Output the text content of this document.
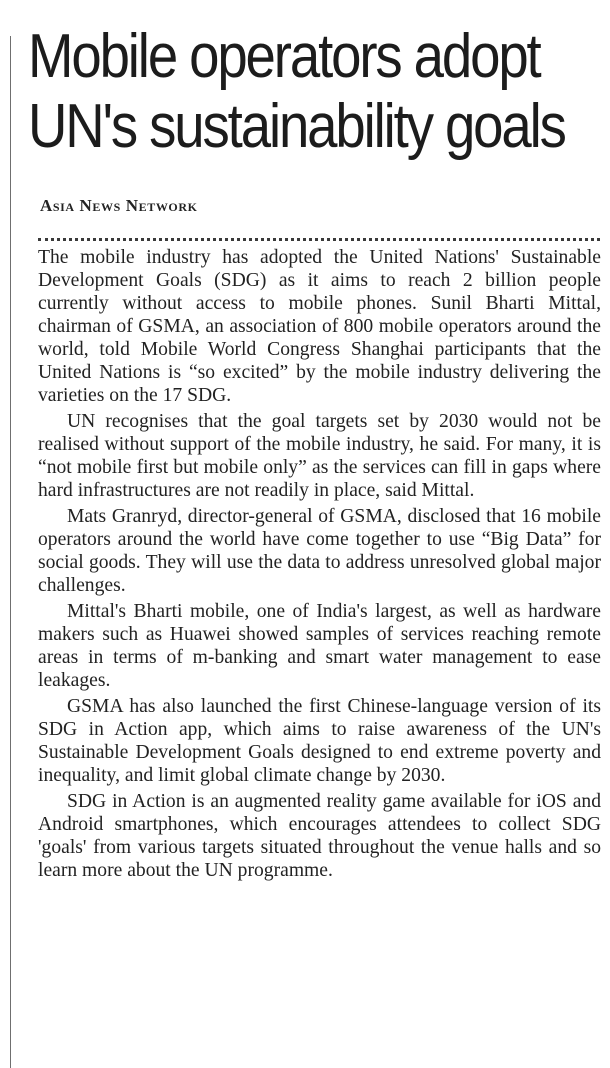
Mobile operators adopt
UN's sustainability goals
Asia News Network

The mobile industry has adopted the United Nations' Sustainable Development Goals (SDG) as it aims to reach 2 billion people currently without access to mobile phones. Sunil Bharti Mittal, chairman of GSMA, an association of 800 mobile operators around the world, told Mobile World Congress Shanghai participants that the United Nations is “so excited” by the mobile industry delivering the varieties on the 17 SDG.

UN recognises that the goal targets set by 2030 would not be realised without support of the mobile industry, he said. For many, it is “not mobile first but mobile only” as the services can fill in gaps where hard infrastructures are not readily in place, said Mittal.

Mats Granryd, director-general of GSMA, disclosed that 16 mobile operators around the world have come together to use “Big Data” for social goods. They will use the data to address unresolved global major challenges.

Mittal's Bharti mobile, one of India's largest, as well as hardware makers such as Huawei showed samples of services reaching remote areas in terms of m-banking and smart water management to ease leakages.

GSMA has also launched the first Chinese-language version of its SDG in Action app, which aims to raise awareness of the UN's Sustainable Development Goals designed to end extreme poverty and inequality, and limit global climate change by 2030.

SDG in Action is an augmented reality game available for iOS and Android smartphones, which encourages attendees to collect SDG 'goals' from various targets situated throughout the venue halls and so learn more about the UN programme.
